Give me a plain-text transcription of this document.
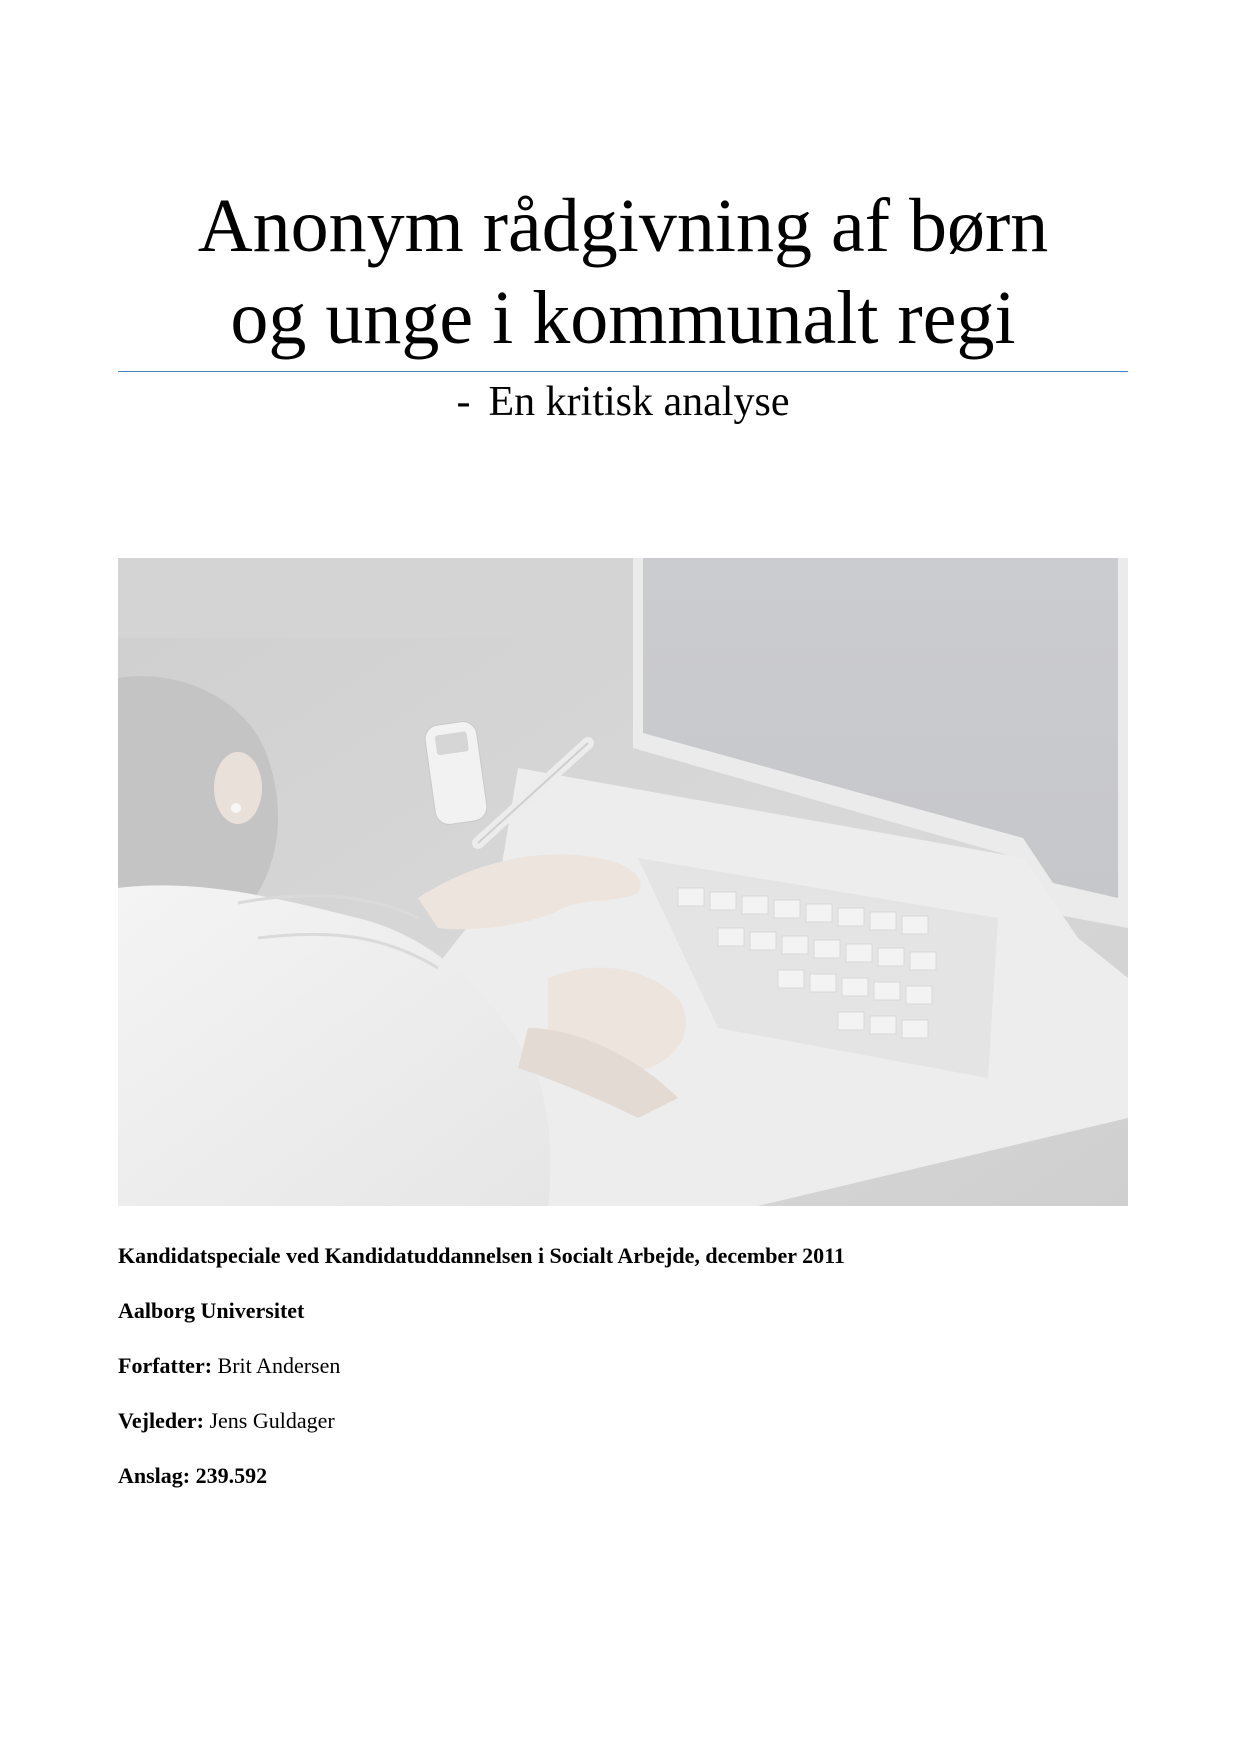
Anonym rådgivning af børn
og unge i kommunalt regi
- En kritisk analyse

Kandidatspeciale ved Kandidatuddannelsen i Socialt Arbejde, december 2011

Aalborg Universitet

Forfatter: Brit Andersen

Vejleder: Jens Guldager

Anslag: 239.592
